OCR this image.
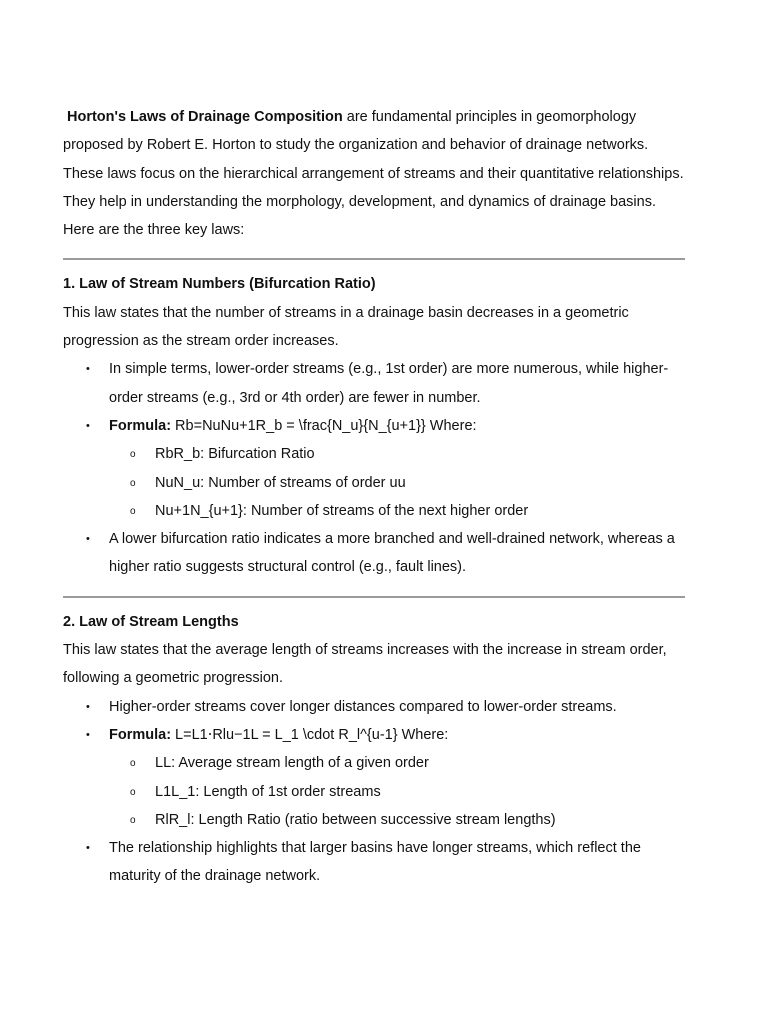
Horton's Laws of Drainage Composition are fundamental principles in geomorphology proposed by Robert E. Horton to study the organization and behavior of drainage networks. These laws focus on the hierarchical arrangement of streams and their quantitative relationships. They help in understanding the morphology, development, and dynamics of drainage basins. Here are the three key laws:

1. Law of Stream Numbers (Bifurcation Ratio)

This law states that the number of streams in a drainage basin decreases in a geometric progression as the stream order increases.

• In simple terms, lower-order streams (e.g., 1st order) are more numerous, while higher-order streams (e.g., 3rd or 4th order) are fewer in number.
• Formula: Rb=NuNu+1R_b = \frac{N_u}{N_{u+1}} Where:
o RbR_b: Bifurcation Ratio
o NuN_u: Number of streams of order uu
o Nu+1N_{u+1}: Number of streams of the next higher order
• A lower bifurcation ratio indicates a more branched and well-drained network, whereas a higher ratio suggests structural control (e.g., fault lines).

2. Law of Stream Lengths

This law states that the average length of streams increases with the increase in stream order, following a geometric progression.

• Higher-order streams cover longer distances compared to lower-order streams.
• Formula: L=L1⋅Rlu−1L = L_1 \cdot R_l^{u-1} Where:
o LL: Average stream length of a given order
o L1L_1: Length of 1st order streams
o RlR_l: Length Ratio (ratio between successive stream lengths)
• The relationship highlights that larger basins have longer streams, which reflect the maturity of the drainage network.
